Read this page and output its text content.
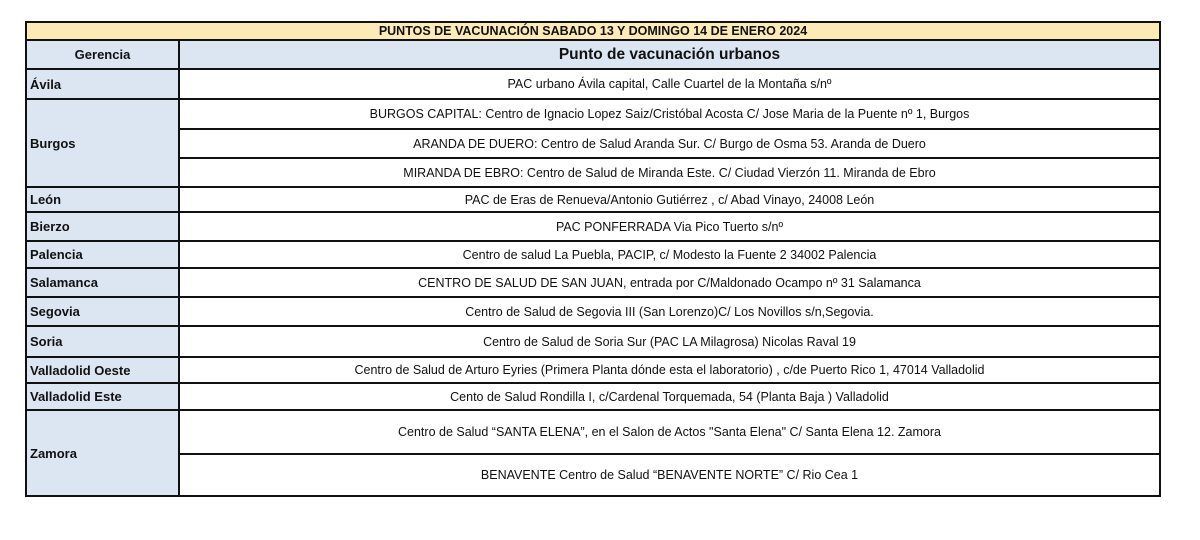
PUNTOS DE VACUNACIÓN SABADO 13 Y DOMINGO 14 DE ENERO 2024	
Gerencia	Punto de vacunación urbanos
Ávila	PAC urbano Ávila capital, Calle Cuartel de la Montaña s/nº
Burgos	BURGOS CAPITAL: Centro de Ignacio Lopez Saiz/Cristóbal Acosta C/ Jose Maria de la Puente nº 1, Burgos
	ARANDA DE DUERO: Centro de Salud Aranda Sur. C/ Burgo de Osma 53. Aranda de Duero
	MIRANDA DE EBRO: Centro de Salud de Miranda Este. C/ Ciudad Vierzón 11. Miranda de Ebro
León	PAC de Eras de Renueva/Antonio Gutiérrez , c/ Abad Vinayo, 24008 León
Bierzo	PAC PONFERRADA Via Pico Tuerto s/nº
Palencia	Centro de salud La Puebla, PACIP, c/ Modesto la Fuente 2 34002 Palencia
Salamanca	CENTRO DE SALUD DE SAN JUAN, entrada por C/Maldonado Ocampo nº 31 Salamanca
Segovia	Centro de Salud de Segovia III (San Lorenzo)C/ Los Novillos s/n,Segovia.
Soria	Centro de Salud de Soria Sur (PAC LA Milagrosa) Nicolas Raval 19
Valladolid Oeste	Centro de Salud de Arturo Eyries (Primera Planta dónde esta el laboratorio) , c/de Puerto Rico 1, 47014 Valladolid
Valladolid Este	Cento de Salud Rondilla I, c/Cardenal Torquemada, 54 (Planta Baja ) Valladolid
Zamora	Centro de Salud “SANTA ELENA”, en el Salon de Actos "Santa Elena" C/ Santa Elena 12. Zamora
	BENAVENTE Centro de Salud “BENAVENTE NORTE” C/ Rio Cea 1
